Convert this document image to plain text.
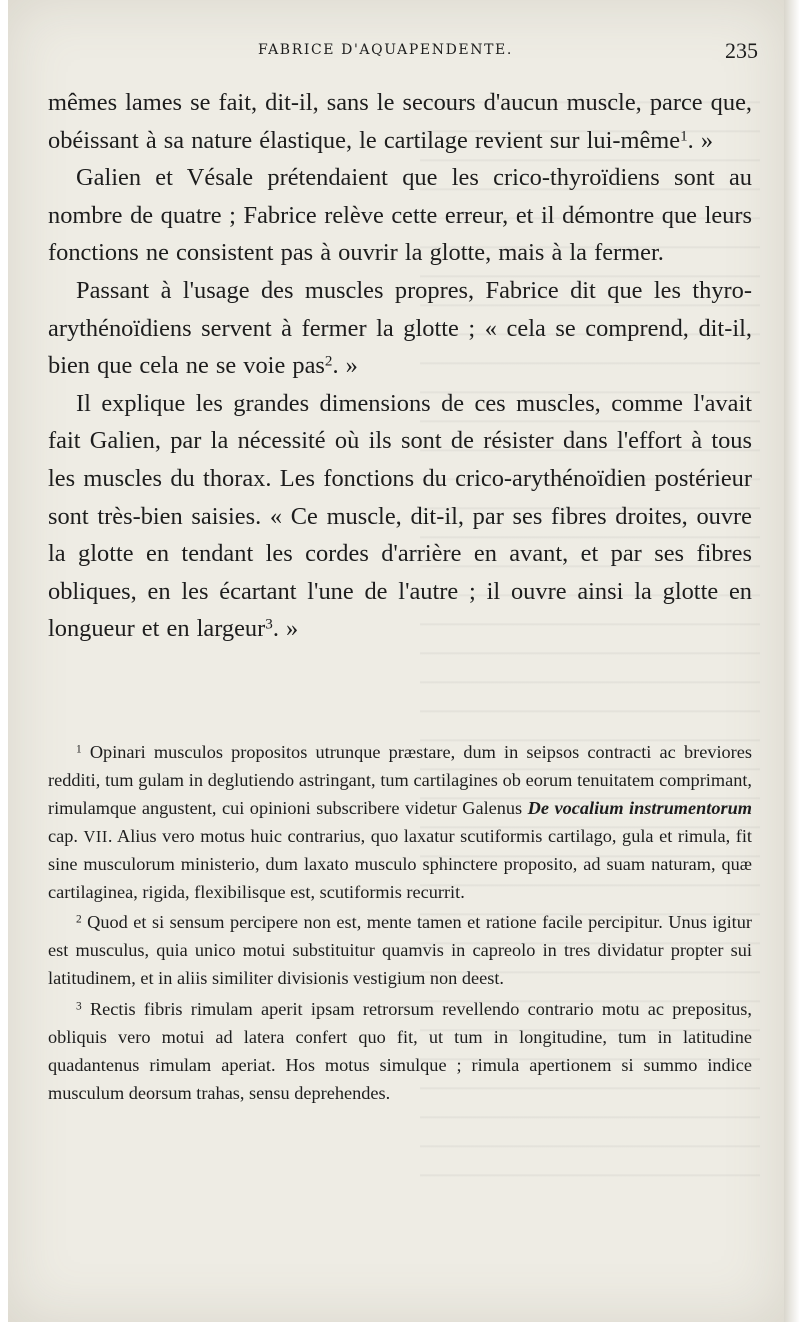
FABRICE D'AQUAPENDENTE.	235

mêmes lames se fait, dit-il, sans le secours d'aucun muscle, parce que, obéissant à sa nature élastique, le cartilage revient sur lui-même$^1$. »

Galien et Vésale prétendaient que les crico-thyroïdiens sont au nombre de quatre ; Fabrice relève cette erreur, et il démontre que leurs fonctions ne consistent pas à ouvrir la glotte, mais à la fermer.

Passant à l'usage des muscles propres, Fabrice dit que les thyro-arythénoïdiens servent à fermer la glotte ; « cela se comprend, dit-il, bien que cela ne se voie pas$^2$. »

Il explique les grandes dimensions de ces muscles, comme l'avait fait Galien, par la nécessité où ils sont de résister dans l'effort à tous les muscles du thorax. Les fonctions du crico-arythénoïdien postérieur sont très-bien saisies. « Ce muscle, dit-il, par ses fibres droites, ouvre la glotte en tendant les cordes d'arrière en avant, et par ses fibres obliques, en les écartant l'une de l'autre ; il ouvre ainsi la glotte en longueur et en largeur$^3$. »

$^1$ Opinari musculos propositos utrunque præstare, dum in seipsos contracti ac breviores redditi, tum gulam in deglutiendo astringant, tum cartilagines ob eorum tenuitatem comprimant, rimulamque angustent, cui opinioni subscribere videtur Galenus De vocalium instrumentorum cap. VII. Alius vero motus huic contrarius, quo laxatur scutiformis cartilago, gula et rimula, fit sine musculorum ministerio, dum laxato musculo sphinctere proposito, ad suam naturam, quæ cartilaginea, rigida, flexibilisque est, scutiformis recurrit.

$^2$ Quod et si sensum percipere non est, mente tamen et ratione facile percipitur. Unus igitur est musculus, quia unico motui substituitur quamvis in capreolo in tres dividatur propter sui latitudinem, et in aliis similiter divisionis vestigium non deest.

$^3$ Rectis fibris rimulam aperit ipsam retrorsum revellendo contrario motu ac prepositus, obliquis vero motui ad latera confert quo fit, ut tum in longitudine, tum in latitudine quadantenus rimulam aperiat. Hos motus simulque ; rimula apertionem si summo indice musculum deorsum trahas, sensu deprehendes.
